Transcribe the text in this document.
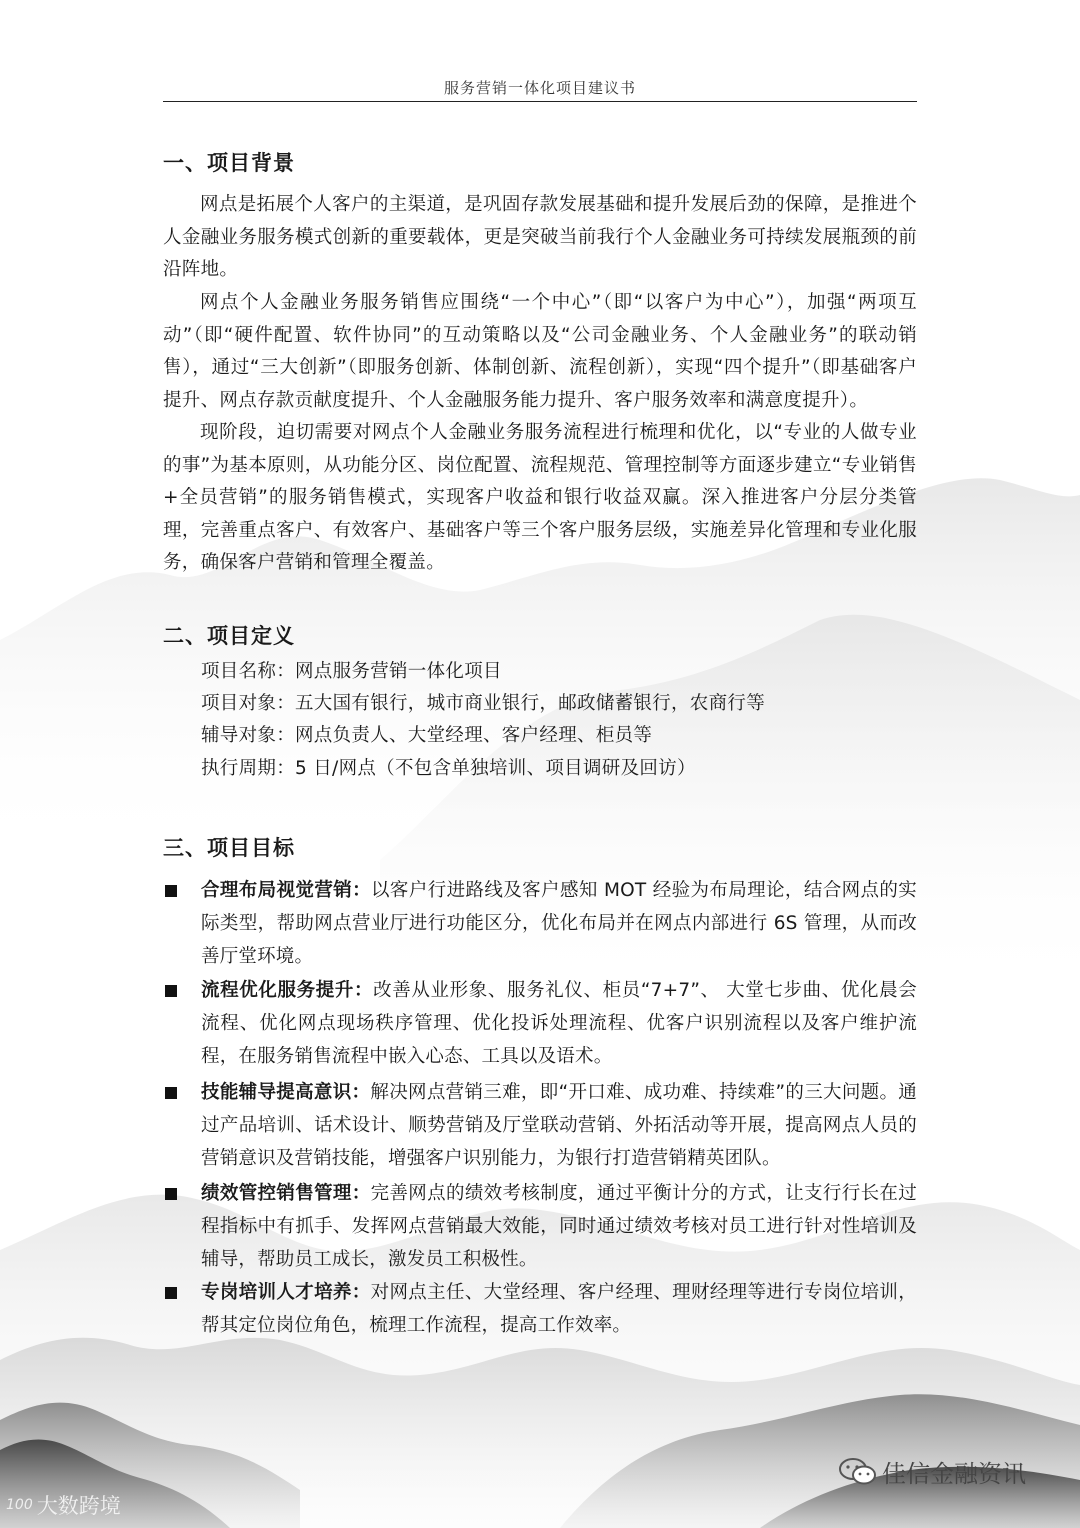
服务营销一体化项目建议书
一、项目背景

网点是拓展个人客户的主渠道，是巩固存款发展基础和提升发展后劲的保障，是推进个人金融业务服务模式创新的重要载体，更是突破当前我行个人金融业务可持续发展瓶颈的前沿阵地。

网点个人金融业务服务销售应围绕“一个中心”（即“以客户为中心”），加强“两项互动”（即“硬件配置、软件协同”的互动策略以及“公司金融业务、个人金融业务”的联动销售），通过“三大创新”（即服务创新、体制创新、流程创新），实现“四个提升”（即基础客户提升、网点存款贡献度提升、个人金融服务能力提升、客户服务效率和满意度提升）。

现阶段，迫切需要对网点个人金融业务服务流程进行梳理和优化，以“专业的人做专业的事”为基本原则，从功能分区、岗位配置、流程规范、管理控制等方面逐步建立“专业销售+全员营销”的服务销售模式，实现客户收益和银行收益双赢。深入推进客户分层分类管理，完善重点客户、有效客户、基础客户等三个客户服务层级，实施差异化管理和专业化服务，确保客户营销和管理全覆盖。

二、项目定义

项目名称：网点服务营销一体化项目

项目对象：五大国有银行，城市商业银行，邮政储蓄银行，农商行等

辅导对象：网点负责人、大堂经理、客户经理、柜员等

执行周期：5 日/网点（不包含单独培训、项目调研及回访）

三、项目目标

合理布局视觉营销：以客户行进路线及客户感知 MOT 经验为布局理论，结合网点的实际类型，帮助网点营业厅进行功能区分，优化布局并在网点内部进行 6S 管理，从而改善厅堂环境。

流程优化服务提升：改善从业形象、服务礼仪、柜员“7+7”、 大堂七步曲、优化晨会流程、优化网点现场秩序管理、优化投诉处理流程、优客户识别流程以及客户维护流程，在服务销售流程中嵌入心态、工具以及语术。

技能辅导提高意识：解决网点营销三难，即“开口难、成功难、持续难”的三大问题。通过产品培训、话术设计、顺势营销及厅堂联动营销、外拓活动等开展，提高网点人员的营销意识及营销技能，增强客户识别能力，为银行打造营销精英团队。

绩效管控销售管理：完善网点的绩效考核制度，通过平衡计分的方式，让支行行长在过程指标中有抓手、发挥网点营销最大效能，同时通过绩效考核对员工进行针对性培训及辅导，帮助员工成长，激发员工积极性。

专岗培训人才培养：对网点主任、大堂经理、客户经理、理财经理等进行专岗位培训，帮其定位岗位角色，梳理工作流程，提高工作效率。

100 大数跨境
佳信金融资讯
